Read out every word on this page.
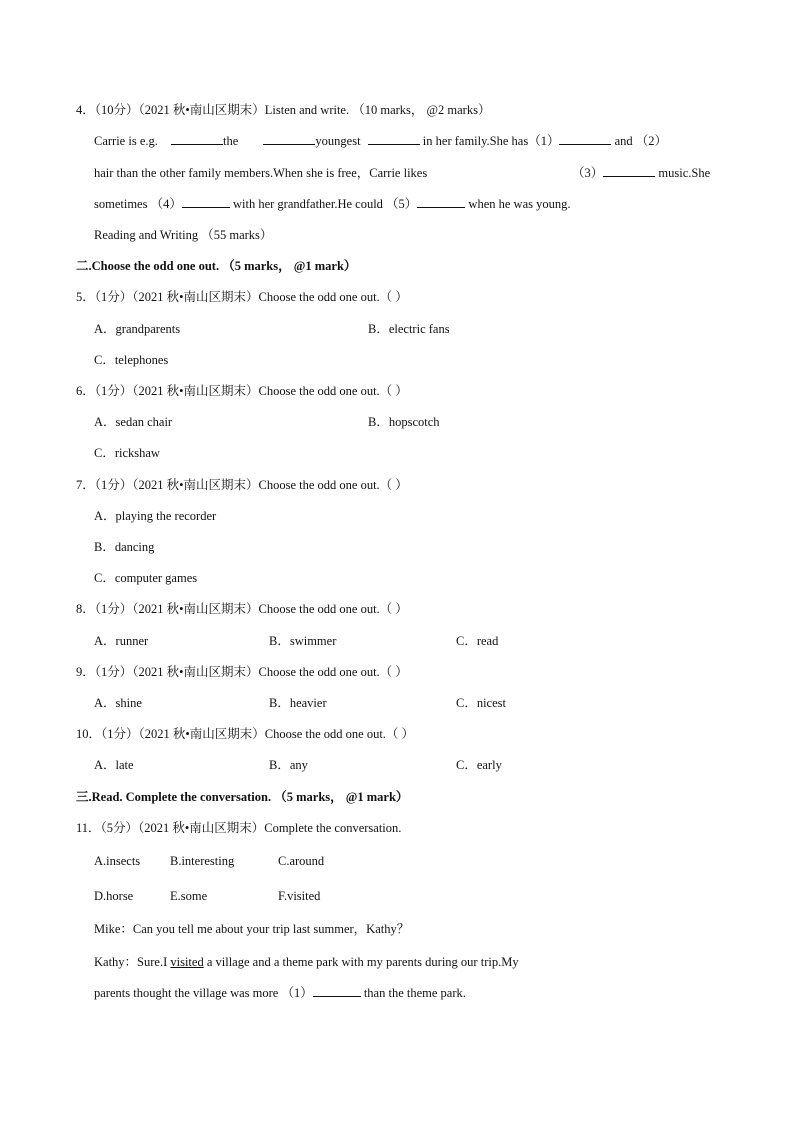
4．（10分）（2021 秋•南山区期末）Listen and write. （10 marks， @2 marks）
Carrie is e.g.	the	youngest	in her family.She has（1）	and （2）
hair than the other family members.When she is free，Carrie likes	（3）	music.She
sometimes （4）	with her grandfather.He could （5）	when he was young.
Reading and Writing （55 marks）
二.Choose the odd one out. （5 marks， @1 mark）
5．（1分）（2021 秋•南山区期末）Choose the odd one out.（ ）
A．grandparents	B．electric fans
C．telephones
6．（1分）（2021 秋•南山区期末）Choose the odd one out.（ ）
A．sedan chair	B．hopscotch
C．rickshaw
7．（1分）（2021 秋•南山区期末）Choose the odd one out.（ ）
A．playing the recorder
B．dancing
C．computer games
8．（1分）（2021 秋•南山区期末）Choose the odd one out.（ ）
A．runner	B．swimmer	C．read
9．（1分）（2021 秋•南山区期末）Choose the odd one out.（ ）
A．shine	B．heavier	C．nicest
10．（1分）（2021 秋•南山区期末）Choose the odd one out.（ ）
A．late	B．any	C．early
三.Read. Complete the conversation. （5 marks， @1 mark）
11．（5分）（2021 秋•南山区期末）Complete the conversation.
A.insects B.interesting	C.around
D.horse	E.some	F.visited
Mike：Can you tell me about your trip last summer，Kathy？
Kathy：Sure.I visited a village and a theme park with my parents during our trip.My
parents thought the village was more （1）	than the theme park.
